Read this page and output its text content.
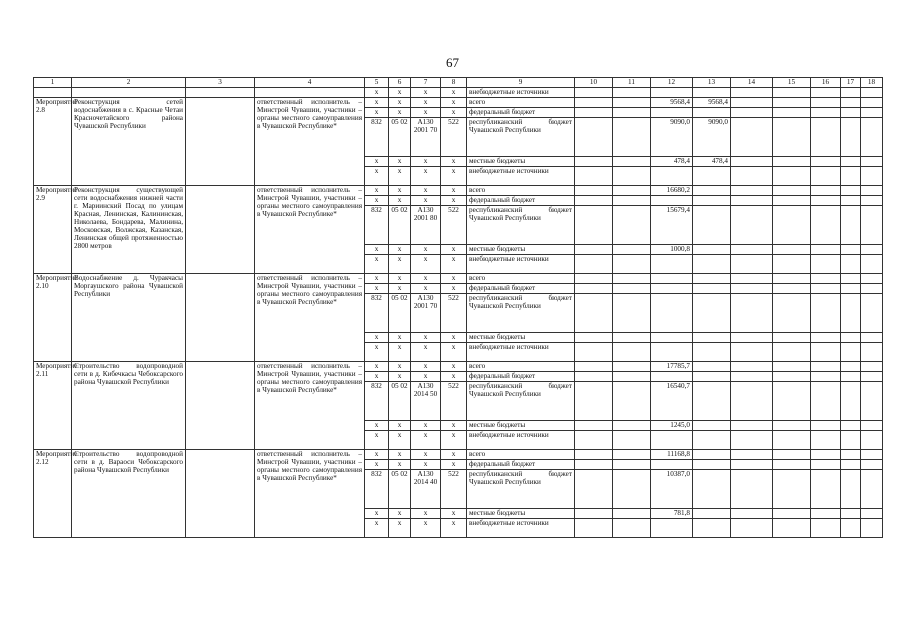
67
1	2	3	4	5	6	7	8	9	10	11	12	13	14	15	16	17	18
				x	x	x	x	внебюджетные источники									
Мероприятие 2.8	Реконструкция сетей водоснабжения в с. Красные Четаи Красночетайского района Чувашской Республики		ответственный исполнитель – Минстрой Чувашии, участники – органы местного самоуправления в Чувашской Республике*	x	x	x	x	всего			9568,4	9568,4					
				x	x	x	x	федеральный бюджет									
				832	05 02	А130 2001 70	522	республиканский бюджет Чувашской Республики			9090,0	9090,0					
				x	x	x	x	местные бюджеты			478,4	478,4					
				x	x	x	x	внебюджетные источники									
Мероприятие 2.9	Реконструкция существующей сети водоснабжения нижней части г. Мариинский Посад по улицам Красная, Ленинская, Калининская, Николаева, Бондарева, Малинина, Московская, Волжская, Казанская, Ленинская общей протяженностью 2800 метров		ответственный исполнитель – Минстрой Чувашии, участники – органы местного самоуправления в Чувашской Республике*	x	x	x	x	всего			16680,2						
				x	x	x	x	федеральный бюджет									
				832	05 02	А130 2001 80	522	республиканский бюджет Чувашской Республики			15679,4						
				x	x	x	x	местные бюджеты			1000,8						
				x	x	x	x	внебюджетные источники									
Мероприятие 2.10	Водоснабжение д. Чуракчасы Моргаушского района Чувашской Республики		ответственный исполнитель – Минстрой Чувашии, участники – органы местного самоуправления в Чувашской Республике*	x	x	x	x	всего									
				x	x	x	x	федеральный бюджет									
				832	05 02	А130 2001 70	522	республиканский бюджет Чувашской Республики									
				x	x	x	x	местные бюджеты									
				x	x	x	x	внебюджетные источники									
Мероприятие 2.11	Строительство водопроводной сети в д. Кибечкасы Чебоксарского района Чувашской Республики		ответственный исполнитель – Минстрой Чувашии, участники – органы местного самоуправления в Чувашской Республике*	x	x	x	x	всего			17785,7						
				x	x	x	x	федеральный бюджет									
				832	05 02	А130 2014 50	522	республиканский бюджет Чувашской Республики			16540,7						
				x	x	x	x	местные бюджеты			1245,0						
				x	x	x	x	внебюджетные источники									
Мероприятие 2.12	Строительство водопроводной сети в д. Вараоси Чебоксарского района Чувашской Республики		ответственный исполнитель – Минстрой Чувашии, участники – органы местного самоуправления в Чувашской Республике*	x	x	x	x	всего			11168,8						
				x	x	x	x	федеральный бюджет									
				832	05 02	А130 2014 40	522	республиканский бюджет Чувашской Республики			10387,0						
				x	x	x	x	местные бюджеты			781,8						
				x	x	x	x	внебюджетные источники									
